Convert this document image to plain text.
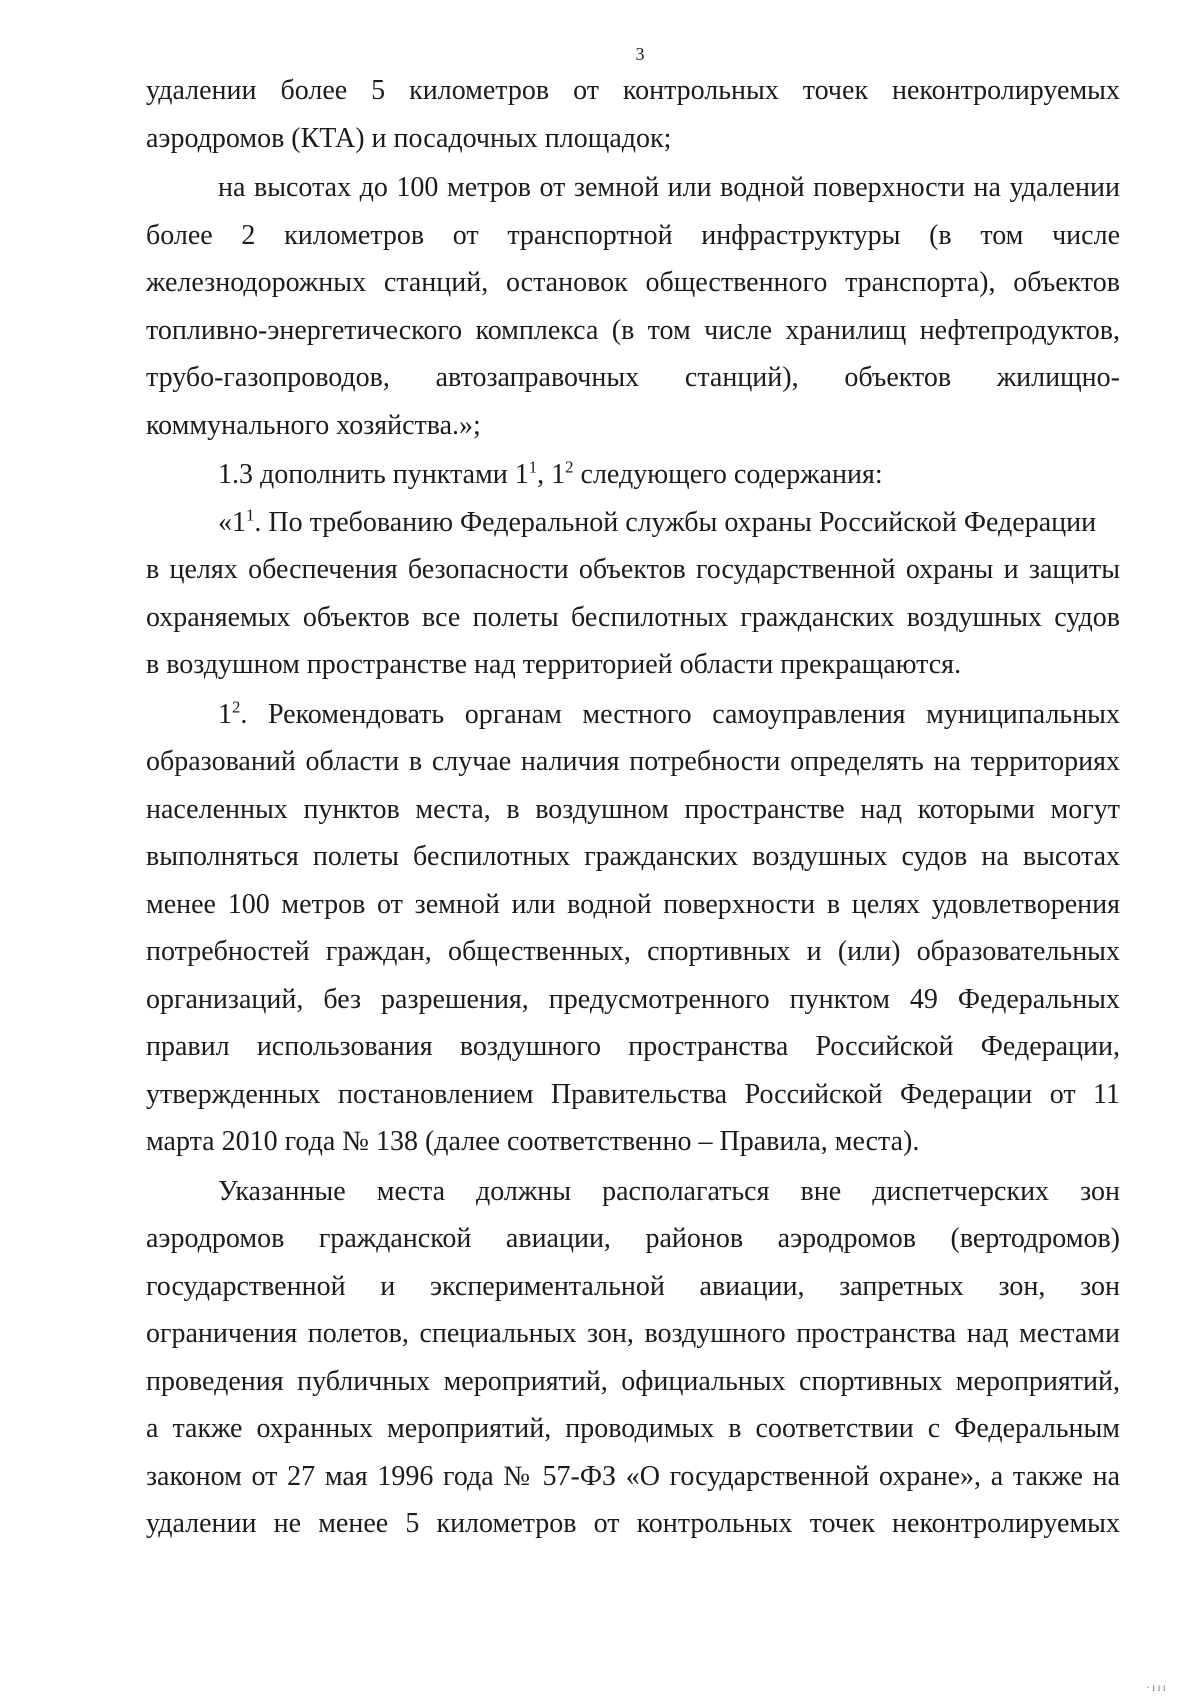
3
удалении более 5 километров от контрольных точек неконтролируемых
аэродромов (КТА) и посадочных площадок;
на высотах до 100 метров от земной или водной поверхности на удалении
более 2 километров от транспортной инфраструктуры (в том числе
железнодорожных станций, остановок общественного транспорта), объектов
топливно-энергетического комплекса (в том числе хранилищ нефтепродуктов,
трубо-газопроводов, автозаправочных станций), объектов жилищно-
коммунального хозяйства.»;
1.3 дополнить пунктами $1^1$, $1^2$ следующего содержания:
«$1^1$. По требованию Федеральной службы охраны Российской Федерации
в целях обеспечения безопасности объектов государственной охраны и защиты
охраняемых объектов все полеты беспилотных гражданских воздушных судов
в воздушном пространстве над территорией области прекращаются.
$1^2$. Рекомендовать органам местного самоуправления муниципальных
образований области в случае наличия потребности определять на территориях
населенных пунктов места, в воздушном пространстве над которыми могут
выполняться полеты беспилотных гражданских воздушных судов на высотах
менее 100 метров от земной или водной поверхности в целях удовлетворения
потребностей граждан, общественных, спортивных и (или) образовательных
организаций, без разрешения, предусмотренного пунктом 49 Федеральных
правил использования воздушного пространства Российской Федерации,
утвержденных постановлением Правительства Российской Федерации от 11
марта 2010 года № 138 (далее соответственно – Правила, места).
Указанные места должны располагаться вне диспетчерских зон
аэродромов гражданской авиации, районов аэродромов (вертодромов)
государственной и экспериментальной авиации, запретных зон, зон
ограничения полетов, специальных зон, воздушного пространства над местами
проведения публичных мероприятий, официальных спортивных мероприятий,
а также охранных мероприятий, проводимых в соответствии с Федеральным
законом от 27 мая 1996 года № 57-ФЗ «О государственной охране», а также на
удалении не менее 5 километров от контрольных точек неконтролируемых
·ııı
